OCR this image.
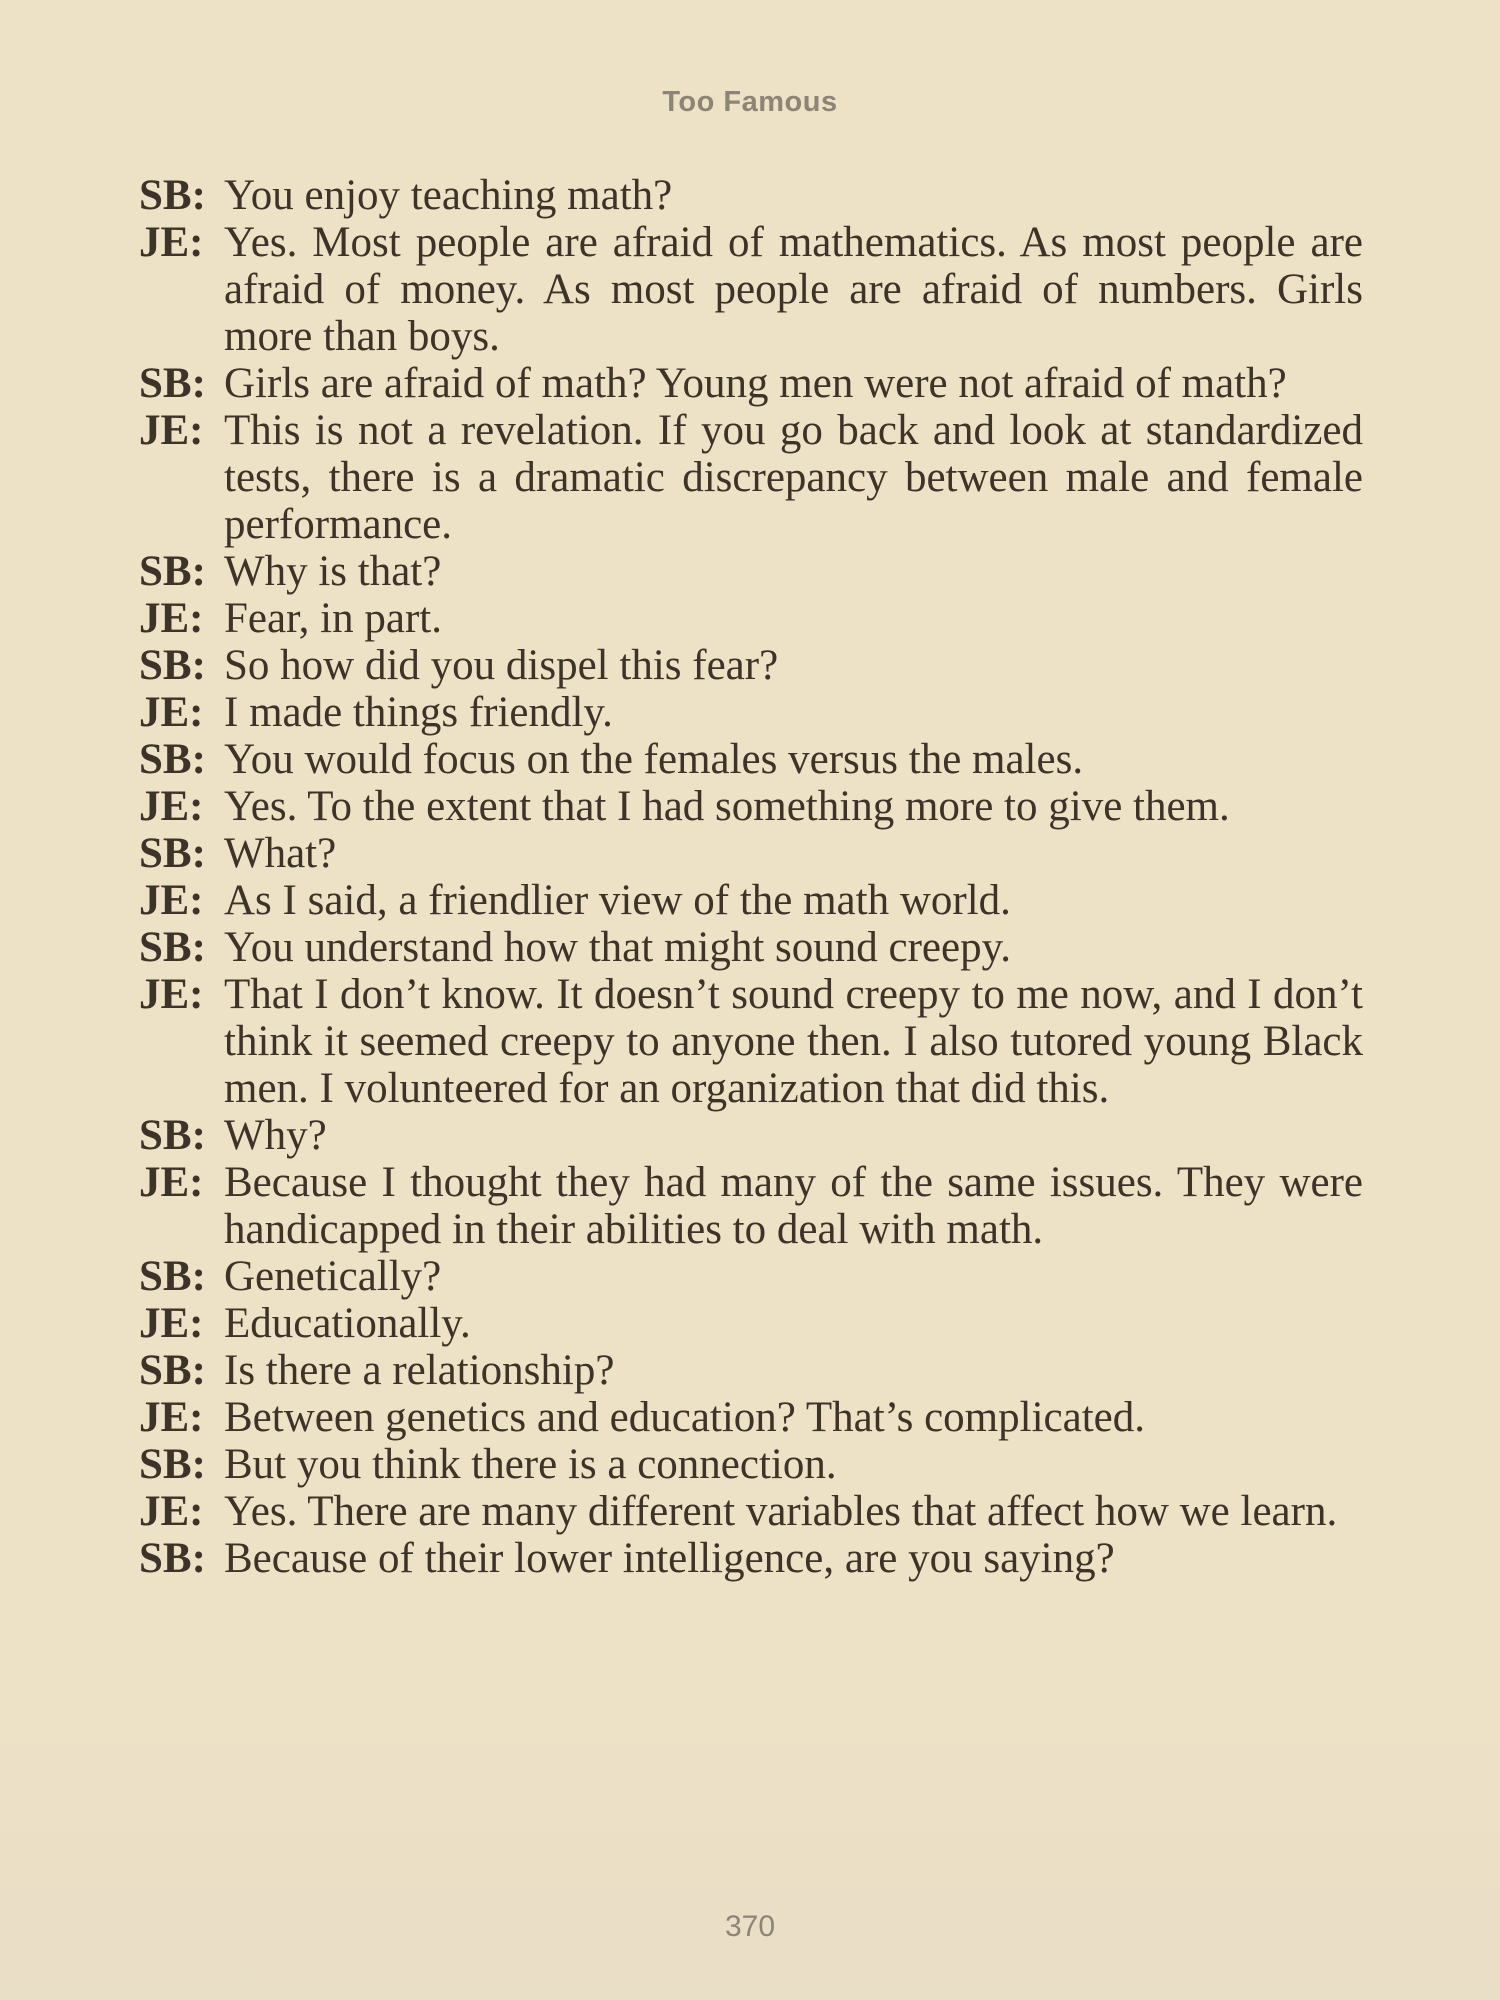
Too Famous

SB: You enjoy teaching math?

JE: Yes. Most people are afraid of mathematics. As most people are afraid of money. As most people are afraid of numbers. Girls more than boys.

SB: Girls are afraid of math? Young men were not afraid of math?

JE: This is not a revelation. If you go back and look at standardized tests, there is a dramatic discrepancy between male and female performance.

SB: Why is that?

JE: Fear, in part.

SB: So how did you dispel this fear?

JE: I made things friendly.

SB: You would focus on the females versus the males.

JE: Yes. To the extent that I had something more to give them.

SB: What?

JE: As I said, a friendlier view of the math world.

SB: You understand how that might sound creepy.

JE: That I don’t know. It doesn’t sound creepy to me now, and I don’t think it seemed creepy to anyone then. I also tutored young Black men. I volunteered for an organization that did this.

SB: Why?

JE: Because I thought they had many of the same issues. They were handicapped in their abilities to deal with math.

SB: Genetically?

JE: Educationally.

SB: Is there a relationship?

JE: Between genetics and education? That’s complicated.

SB: But you think there is a connection.

JE: Yes. There are many different variables that affect how we learn.

SB: Because of their lower intelligence, are you saying?

370
